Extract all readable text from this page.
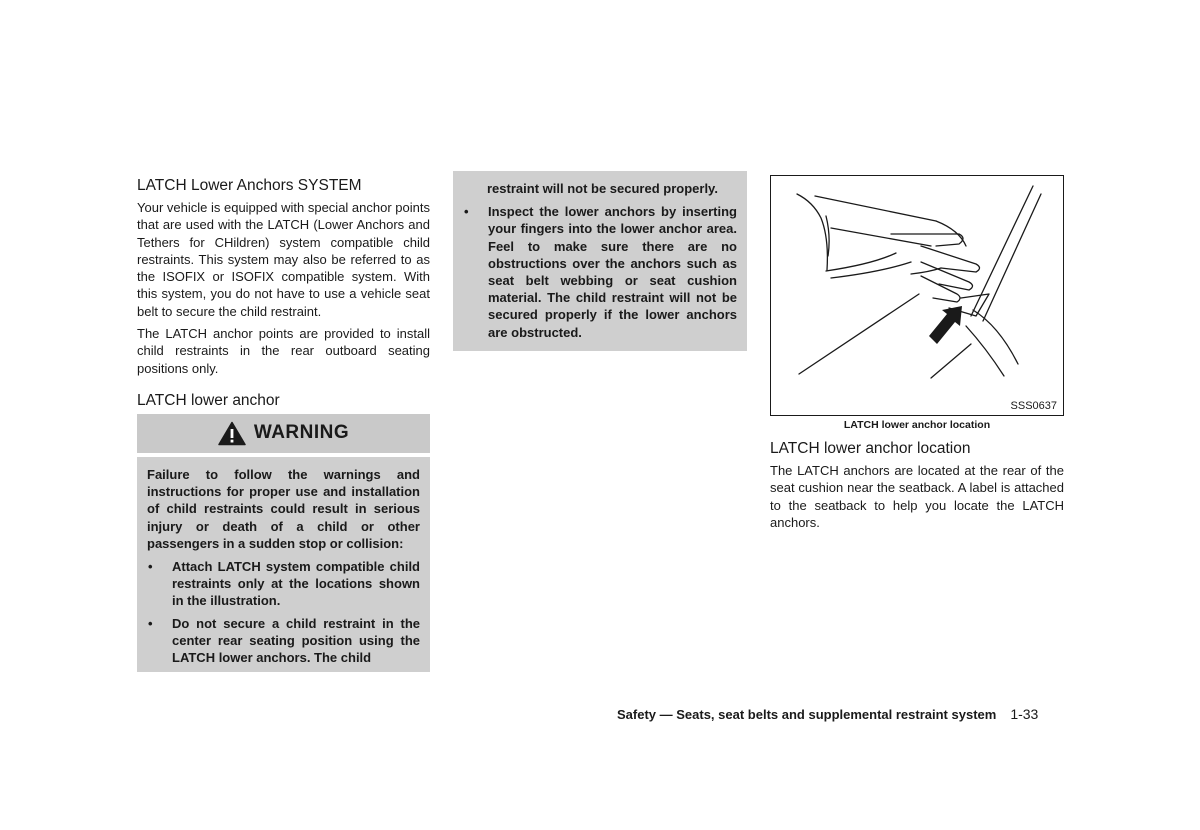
LATCH Lower Anchors SYSTEM

Your vehicle is equipped with special anchor points that are used with the LATCH (Lower Anchors and Tethers for CHildren) system compatible child restraints. This system may also be referred to as the ISOFIX or ISOFIX compatible system. With this system, you do not have to use a vehicle seat belt to secure the child restraint.

The LATCH anchor points are provided to install child restraints in the rear outboard seating positions only.

LATCH lower anchor
WARNING

Failure to follow the warnings and instructions for proper use and installation of child restraints could result in serious injury or death of a child or other passengers in a sudden stop or collision:

•	Attach LATCH system compatible child restraints only at the locations shown in the illustration.
•	Do not secure a child restraint in the center rear seating position using the LATCH lower anchors. The child

restraint will not be secured properly.

•	Inspect the lower anchors by inserting your fingers into the lower anchor area. Feel to make sure there are no obstructions over the anchors such as seat belt webbing or seat cushion material. The child restraint will not be secured properly if the lower anchors are obstructed.
SSS0637
LATCH lower anchor location
LATCH lower anchor location

The LATCH anchors are located at the rear of the seat cushion near the seatback. A label is attached to the seatback to help you locate the LATCH anchors.

Safety — Seats, seat belts and supplemental restraint system 1-33
